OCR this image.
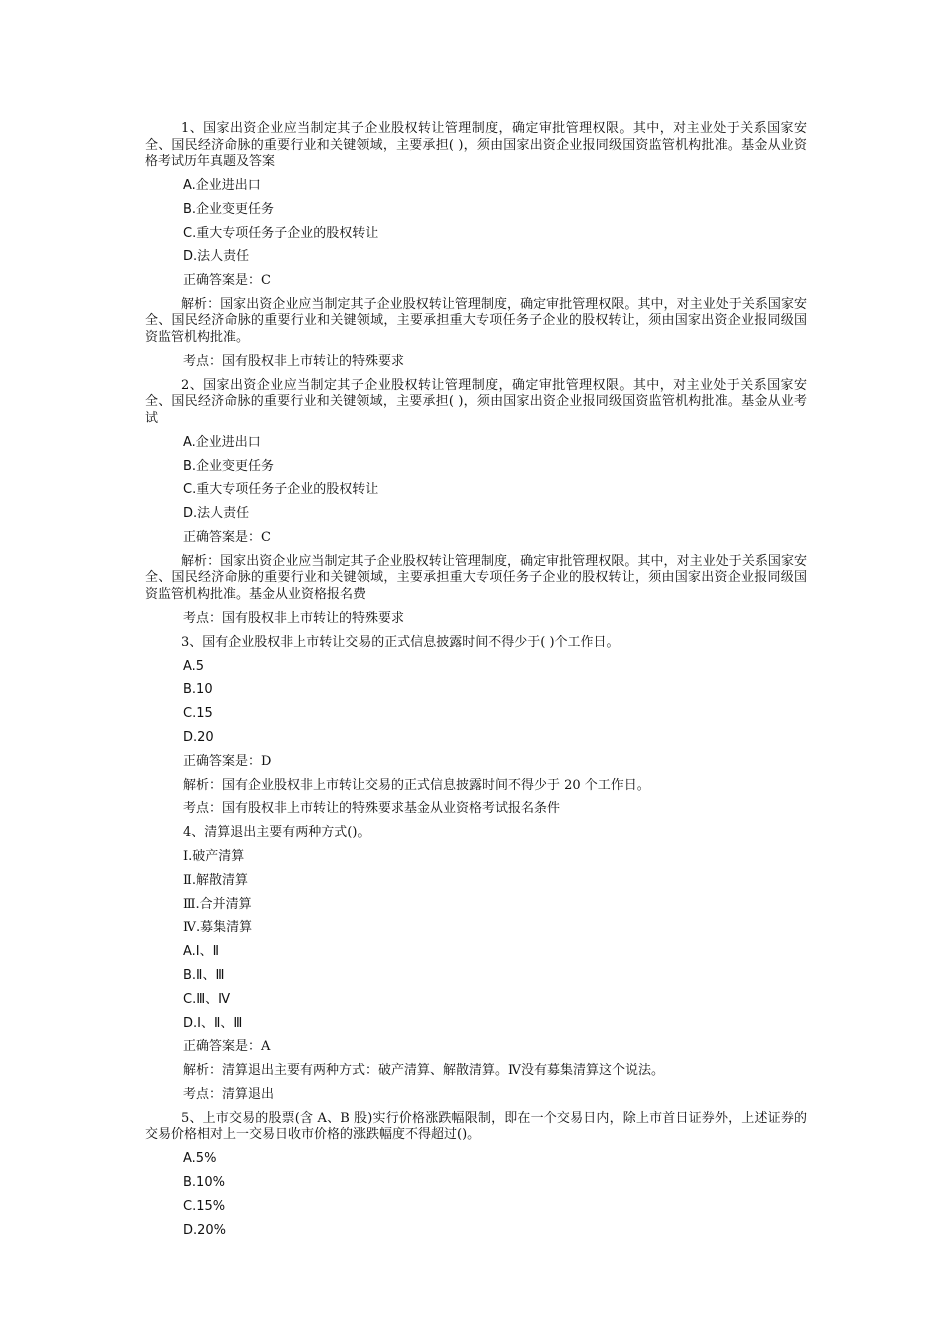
1、国家出资企业应当制定其子企业股权转让管理制度，确定审批管理权限。其中，对主业处于关系国家安全、国民经济命脉的重要行业和关键领域，主要承担( )，须由国家出资企业报同级国资监管机构批准。基金从业资格考试历年真题及答案

A.企业进出口
B.企业变更任务
C.重大专项任务子企业的股权转让
D.法人责任
正确答案是：C

解析：国家出资企业应当制定其子企业股权转让管理制度，确定审批管理权限。其中，对主业处于关系国家安全、国民经济命脉的重要行业和关键领域，主要承担重大专项任务子企业的股权转让，须由国家出资企业报同级国资监管机构批准。

考点：国有股权非上市转让的特殊要求

2、国家出资企业应当制定其子企业股权转让管理制度，确定审批管理权限。其中，对主业处于关系国家安全、国民经济命脉的重要行业和关键领域，主要承担( )，须由国家出资企业报同级国资监管机构批准。基金从业考试

A.企业进出口
B.企业变更任务
C.重大专项任务子企业的股权转让
D.法人责任
正确答案是：C

解析：国家出资企业应当制定其子企业股权转让管理制度，确定审批管理权限。其中，对主业处于关系国家安全、国民经济命脉的重要行业和关键领域，主要承担重大专项任务子企业的股权转让，须由国家出资企业报同级国资监管机构批准。基金从业资格报名费

考点：国有股权非上市转让的特殊要求

3、国有企业股权非上市转让交易的正式信息披露时间不得少于( )个工作日。

A.5
B.10
C.15
D.20
正确答案是：D
解析：国有企业股权非上市转让交易的正式信息披露时间不得少于 20 个工作日。
考点：国有股权非上市转让的特殊要求基金从业资格考试报名条件
4、清算退出主要有两种方式()。
Ⅰ.破产清算
Ⅱ.解散清算
Ⅲ.合并清算
Ⅳ.募集清算
A.Ⅰ、Ⅱ
B.Ⅱ、Ⅲ
C.Ⅲ、Ⅳ
D.Ⅰ、Ⅱ、Ⅲ
正确答案是：A
解析：清算退出主要有两种方式：破产清算、解散清算。Ⅳ没有募集清算这个说法。
考点：清算退出

5、上市交易的股票(含 A、B 股)实行价格涨跌幅限制，即在一个交易日内，除上市首日证券外，上述证券的交易价格相对上一交易日收市价格的涨跌幅度不得超过()。

A.5%
B.10%
C.15%
D.20%
